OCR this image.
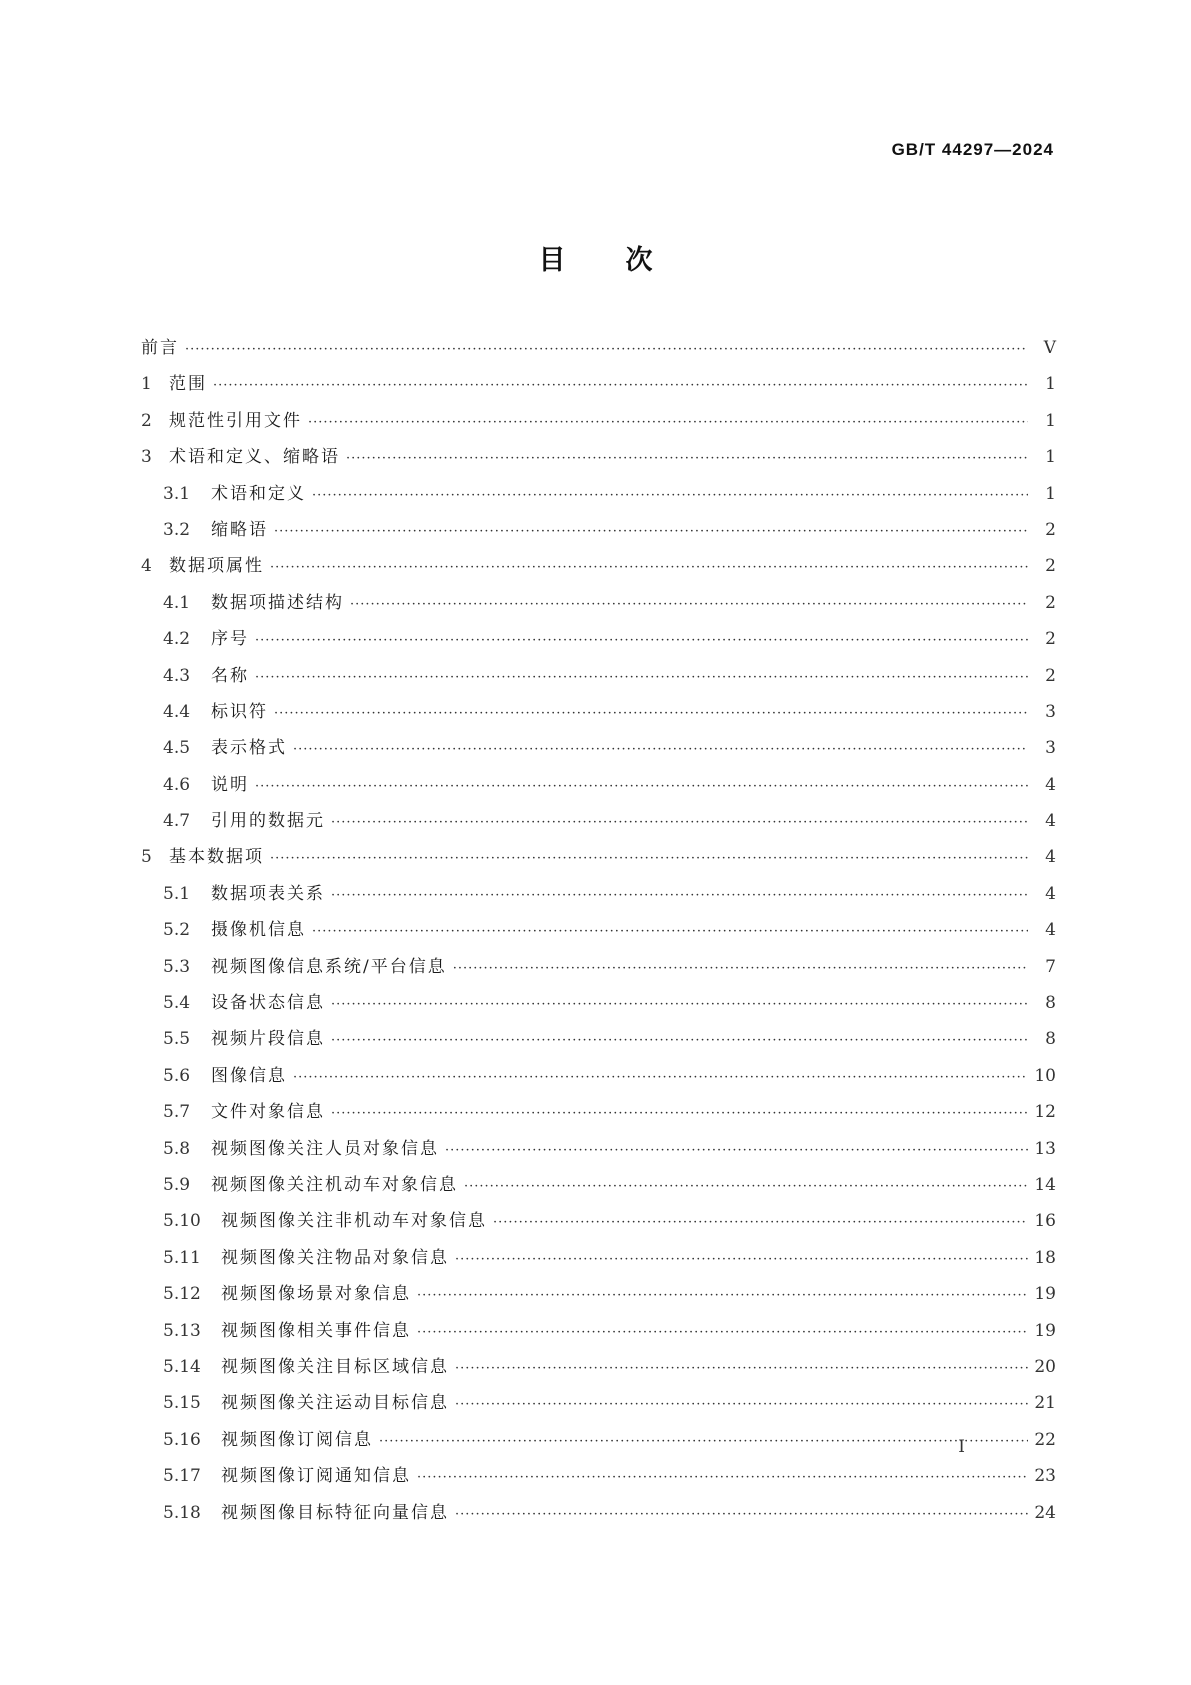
GB/T 44297—2024
目次
前言 ·····	V
1	范围 ·····	1
2	规范性引用文件 ·····	1
3	术语和定义、缩略语 ·····	1
3.1	术语和定义 ·····	1
3.2	缩略语 ·····	2
4	数据项属性 ·····	2
4.1	数据项描述结构 ·····	2
4.2	序号 ·····	2
4.3	名称 ·····	2
4.4	标识符 ·····	3
4.5	表示格式 ·····	3
4.6	说明 ·····	4
4.7	引用的数据元 ·····	4
5	基本数据项 ·····	4
5.1	数据项表关系 ·····	4
5.2	摄像机信息 ·····	4
5.3	视频图像信息系统/平台信息 ·····	7
5.4	设备状态信息 ·····	8
5.5	视频片段信息 ·····	8
5.6	图像信息 ·····	10
5.7	文件对象信息 ·····	12
5.8	视频图像关注人员对象信息 ·····	13
5.9	视频图像关注机动车对象信息 ·····	14
5.10	视频图像关注非机动车对象信息 ·····	16
5.11	视频图像关注物品对象信息 ·····	18
5.12	视频图像场景对象信息 ·····	19
5.13	视频图像相关事件信息 ·····	19
5.14	视频图像关注目标区域信息 ·····	20
5.15	视频图像关注运动目标信息 ·····	21
5.16	视频图像订阅信息 ·····	22
5.17	视频图像订阅通知信息 ·····	23
5.18	视频图像目标特征向量信息 ·····	24
I
